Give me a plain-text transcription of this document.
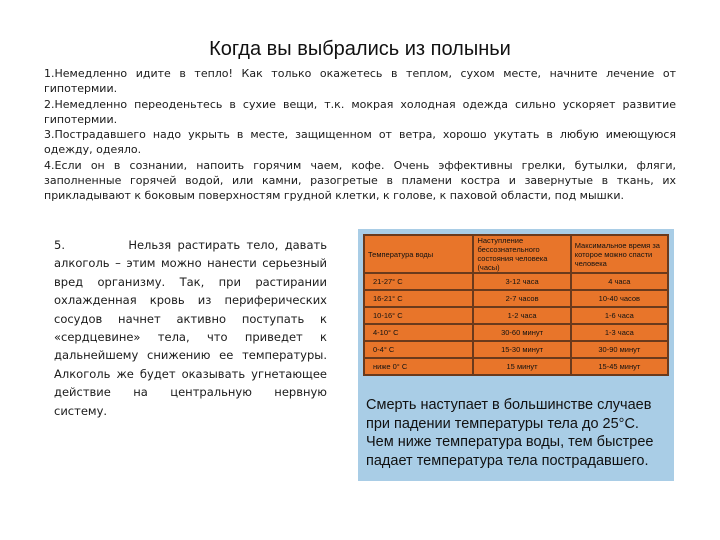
Когда вы выбрались из полыньи

1.Немедленно идите в тепло! Как только окажетесь в теплом, сухом месте, начните лечение от гипотермии.

2.Немедленно переоденьтесь в сухие вещи, т.к. мокрая холодная одежда сильно ускоряет развитие гипотермии.

3.Пострадавшего надо укрыть в месте, защищенном от ветра, хорошо укутать в любую имеющуюся одежду, одеяло.

4.Если он в сознании, напоить горячим чаем, кофе. Очень эффективны грелки, бутылки, фляги, заполненные горячей водой, или камни, разогретые в пламени костра и завернутые в ткань, их прикладывают к боковым поверхностям грудной клетки, к голове, к паховой области, под мышки.

5.          Нельзя растирать тело, давать алкоголь – этим можно нанести серьезный вред организму. Так, при растирании охлажденная кровь из периферических сосудов начнет активно поступать к «сердцевине» тела, что приведет к дальнейшему снижению ее температуры. Алкоголь же будет оказывать угнетающее действие на центральную нервную систему.
Температура воды	Наступление бессознательного состояния человека (часы)	Максимальное время за которое можно спасти человека
21-27° С	3-12 часа	4 часа
16-21° С	2-7 часов	10-40 часов
10-16° С	1-2 часа	1-6 часа
4-10° С	30-60 минут	1-3 часа
0-4° С	15-30 минут	30-90 минут
ниже 0° С	15 минут	15-45 минут
Смерть наступает в большинстве случаев при падении температуры тела до 25°С. Чем ниже температура воды, тем быстрее падает температура тела пострадавшего.
